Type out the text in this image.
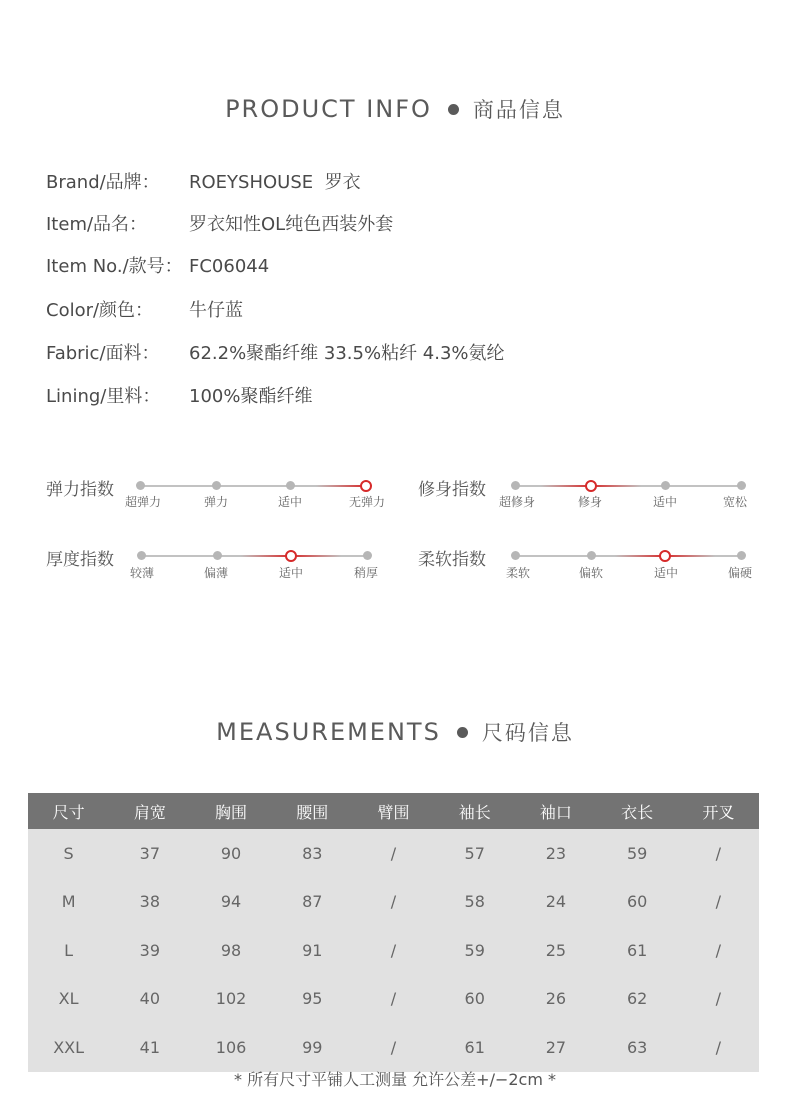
PRODUCT INFO 商品信息
Brand/品牌： ROEYSHOUSE  罗衣
Item/品名： 罗衣知性OL纯色西装外套
Item No./款号： FC06044
Color/颜色： 牛仔蓝
Fabric/面料： 62.2%聚酯纤维 33.5%粘纤 4.3%氨纶
Lining/里料： 100%聚酯纤维
弹力指数
超弹力	弹力	适中	无弹力
修身指数
超修身	修身	适中	宽松
厚度指数
较薄	偏薄	适中	稍厚
柔软指数
柔软	偏软	适中	偏硬
MEASUREMENTS 尺码信息
尺寸	肩宽	胸围	腰围	臂围	袖长	袖口	衣长	开叉
S	37	90	83	/	57	23	59	/
M	38	94	87	/	58	24	60	/
L	39	98	91	/	59	25	61	/
XL	40	102	95	/	60	26	62	/
XXL	41	106	99	/	61	27	63	/
* 所有尺寸平铺人工测量 允许公差+/−2cm *
